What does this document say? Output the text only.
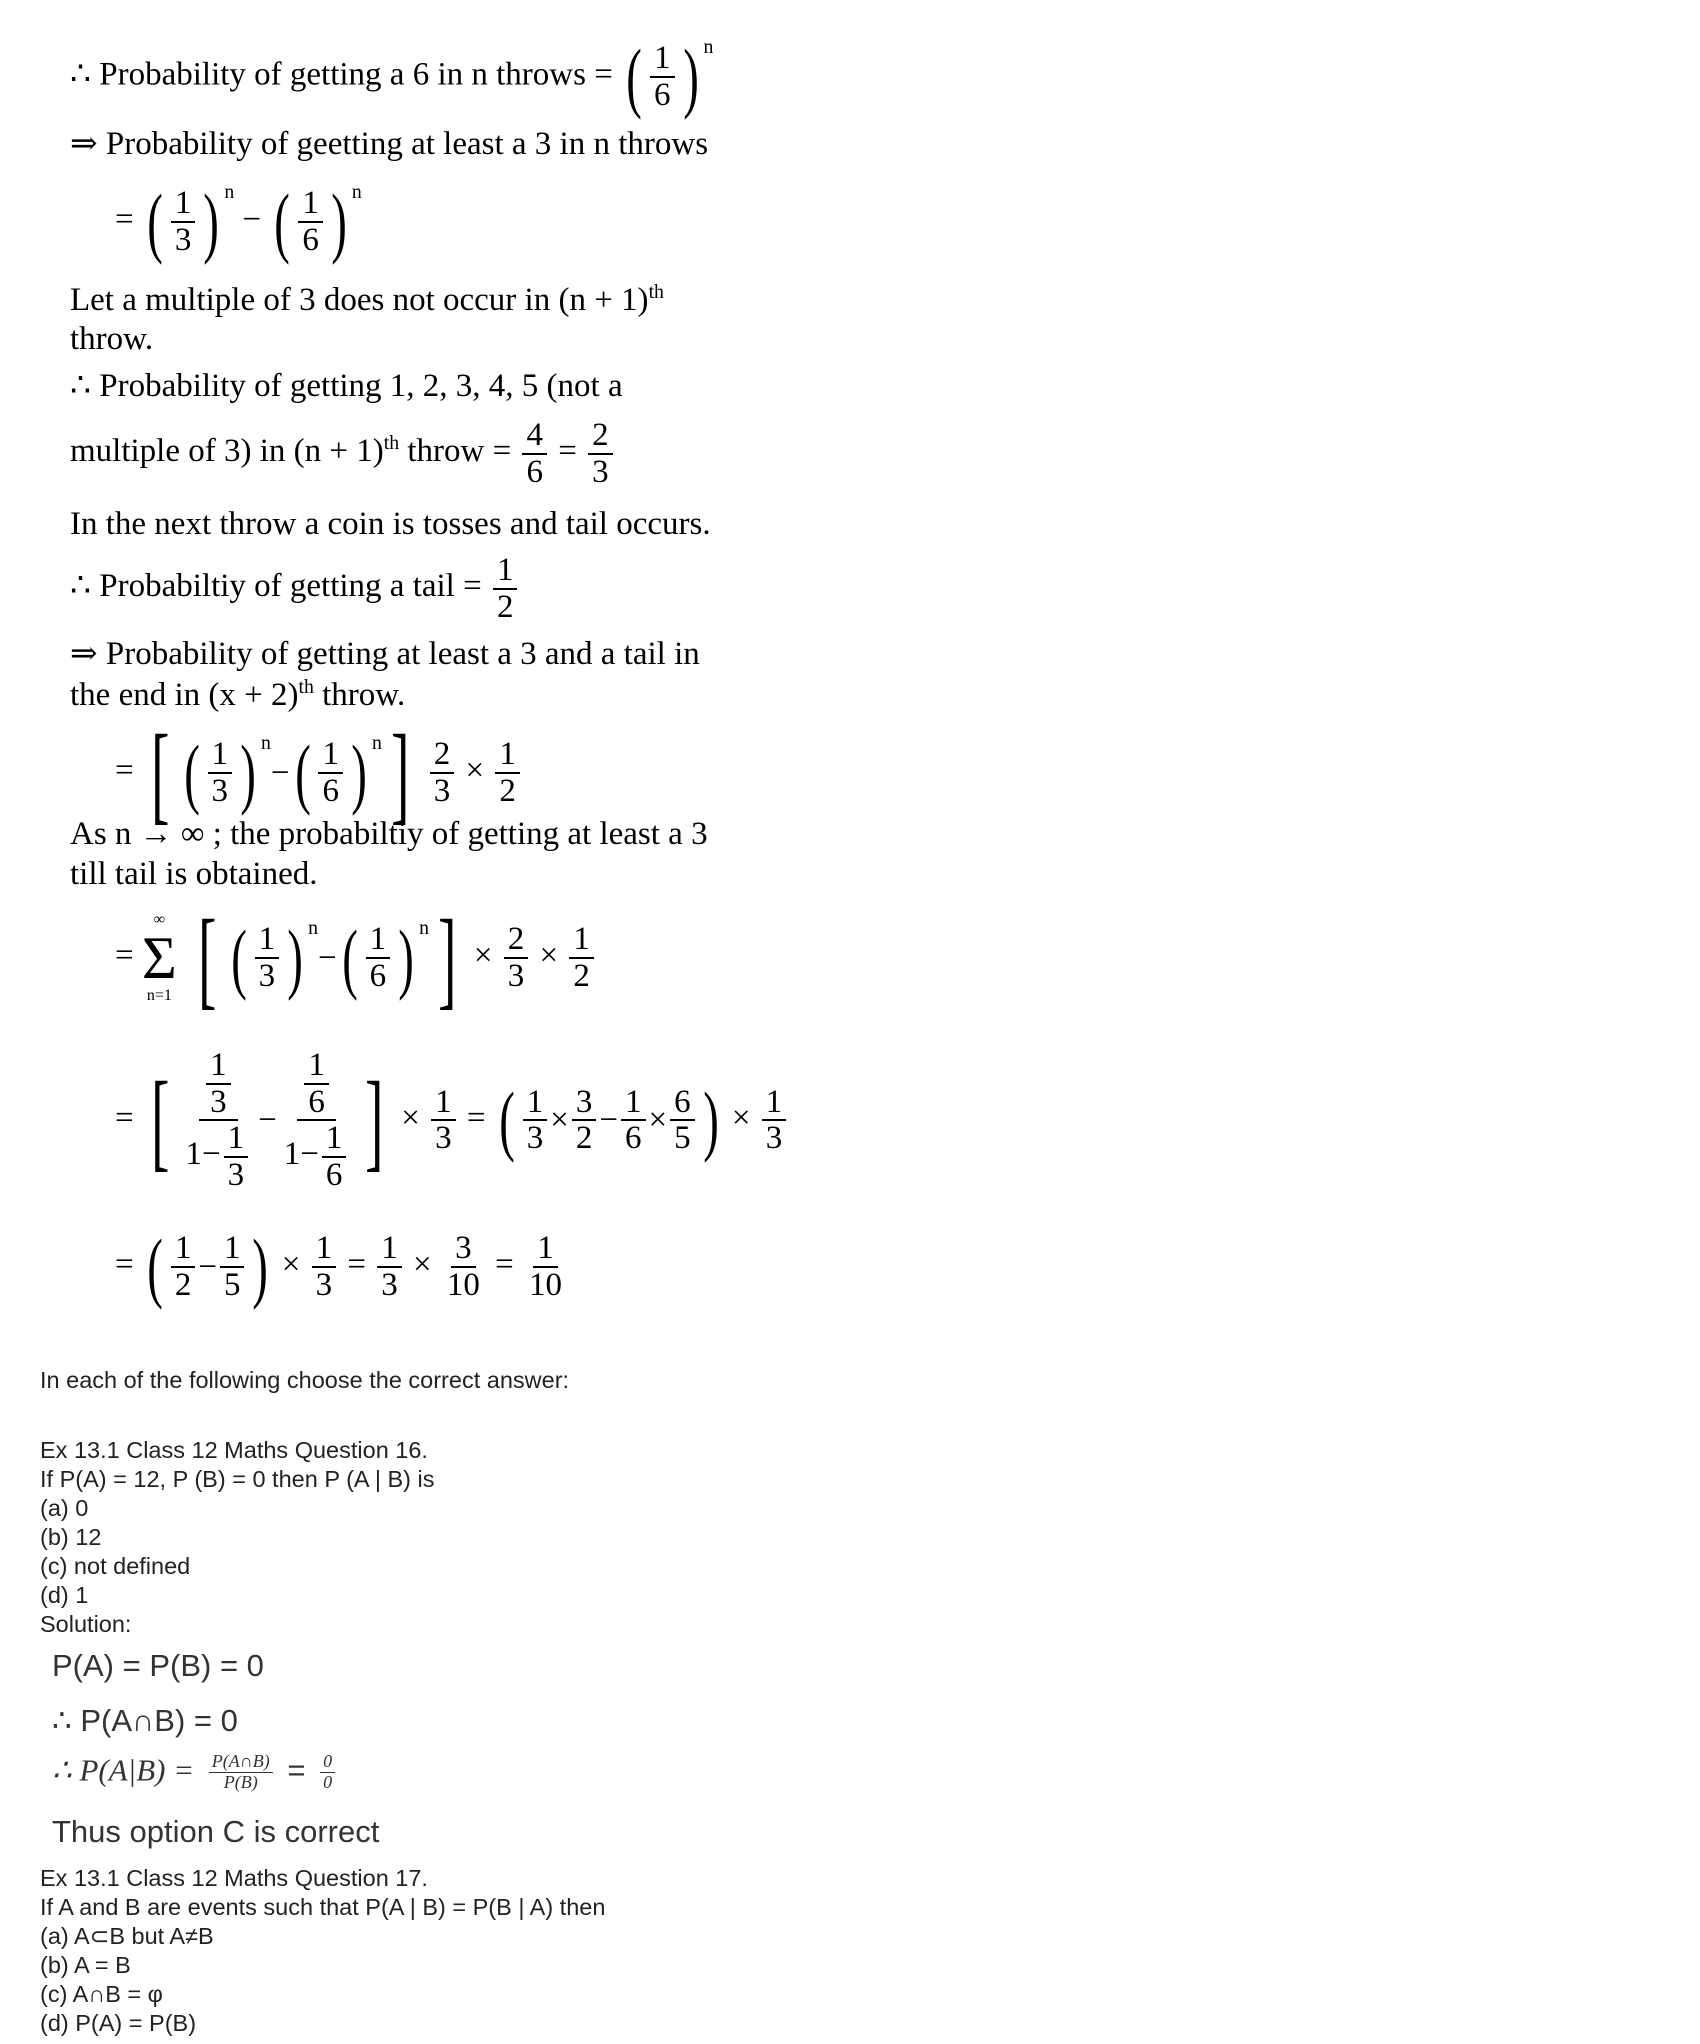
∴ Probability of getting a 6 in n throws = ( $\frac{1}{6}$ ) $^n$
⇒ Probability of geetting at least a 3 in n throws
= ( $\frac{1}{3}$ ) $^n$
− ( $\frac{1}{6}$ ) $^n$
Let a multiple of 3 does not occur in $(n + 1)^{th}$
throw.
∴ Probability of getting 1, 2, 3, 4, 5 (not a
multiple of 3) in $(n + 1)^{th}$ throw = $\frac{4}{6} = \frac{2}{3}$
In the next throw a coin is tosses and tail occurs.
∴ Probabiltiy of getting a tail = $\frac{1}{2}$
⇒ Probability of getting at least a 3 and a tail in
the end in $(x + 2)^{th}$ throw.
= [ ( $\frac{1}{3}$ ) $^n$
− ( $\frac{1}{6}$ ) $^n$ ]
$\frac{2}{3} \times \frac{1}{2}$
As n → ∞ ; the probabiltiy of getting at least a 3
till tail is obtained.
=
∞
Σ
n=1
[ ( $\frac{1}{3}$ ) $^n$
− ( $\frac{1}{6}$ ) $^n$ ] × $\frac{2}{3} \times \frac{1}{2}$
= [ $\frac{\frac{1}{3}}{1- \frac{1}{3}} - \frac{\frac{1}{6}}{1- \frac{1}{6}}$ ] × $\frac{1}{3}$ = ( $\frac{1}{3} \times \frac{3}{2} - \frac{1}{6} \times \frac{6}{5}$ ) × $\frac{1}{3}$
= ( $\frac{1}{2} - \frac{1}{5}$ ) × $\frac{1}{3} = \frac{1}{3} \times \frac{3}{10} = \frac{1}{10}$
In each of the following choose the correct answer:
Ex 13.1 Class 12 Maths Question 16.
If P(A) = 12, P (B) = 0 then P (A | B) is
(a) 0
(b) 12
(c) not defined
(d) 1
Solution:
P(A) = P(B) = 0
∴ P(A∩B) = 0
∴ $P(A|B) = \frac{P(A\cap B)}{P(B)} = \frac{0}{0}$
Thus option C is correct
Ex 13.1 Class 12 Maths Question 17.
If A and B are events such that P(A | B) = P(B | A) then
(a) A⊂B but A≠B
(b) A = B
(c) A∩B = φ
(d) P(A) = P(B)
